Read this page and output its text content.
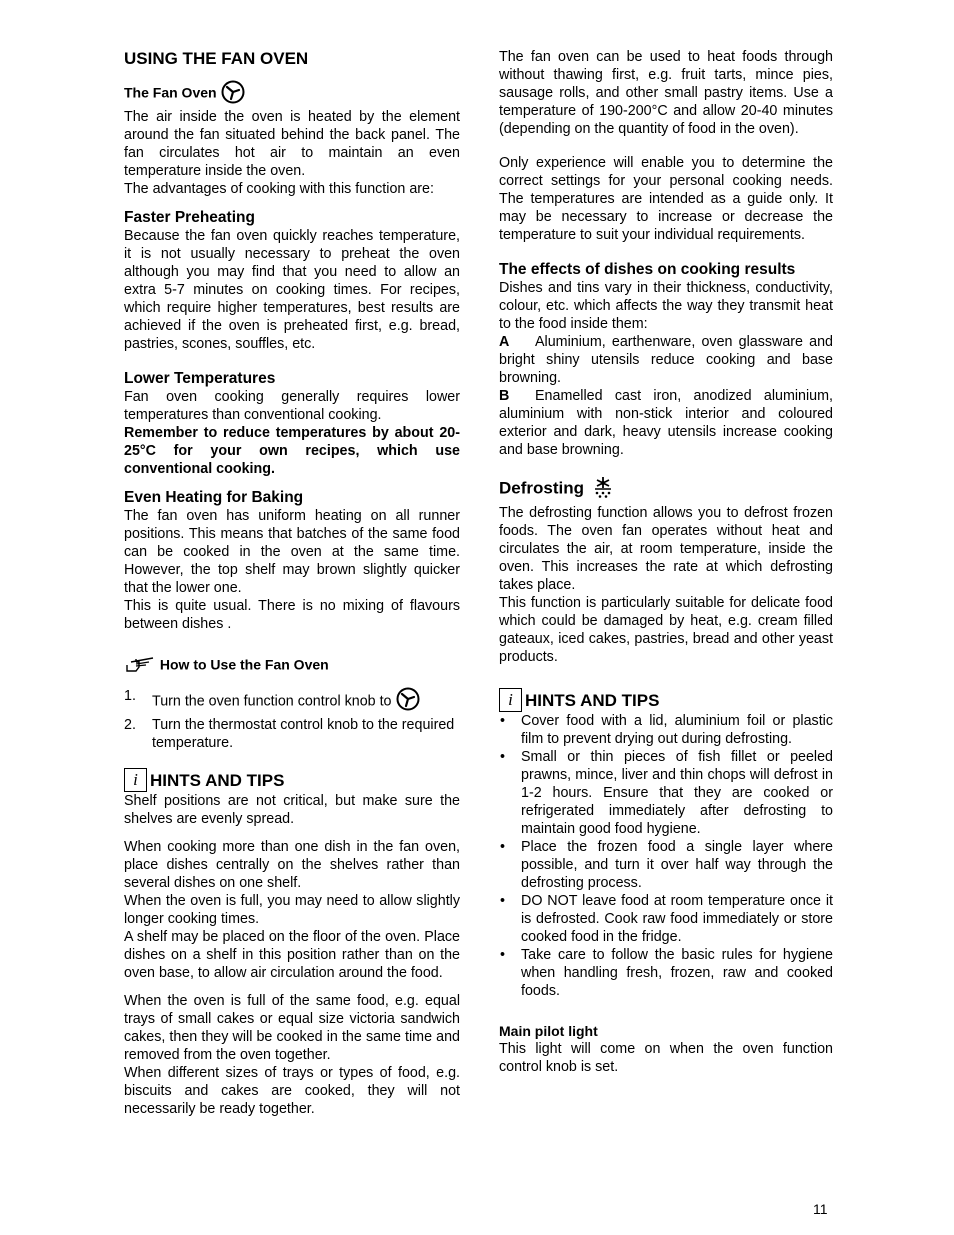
USING THE FAN OVEN
The Fan Oven

The air inside the oven is heated by the element around the fan situated behind the back panel. The fan circulates hot air to maintain an even temperature inside the oven.

The advantages of cooking with this function are:

Faster Preheating

Because the fan oven quickly reaches temperature, it is not usually necessary to preheat the oven although you may find that you need to allow an extra 5-7 minutes on cooking times. For recipes, which require higher temperatures, best results are achieved if the oven is preheated first, e.g. bread, pastries, scones, souffles, etc.

Lower Temperatures

Fan oven cooking generally requires lower temperatures than conventional cooking.

Remember to reduce temperatures by about 20- 25°C for your own recipes, which use conventional cooking.

Even Heating for Baking

The fan oven has uniform heating on all runner positions. This means that batches of the same food can be cooked in the oven at the same time. However, the top shelf may brown slightly quicker that the lower one.

This is quite usual. There is no mixing of flavours between dishes .

How to Use the Fan Oven
1. Turn the oven function control knob to
2. Turn the thermostat control knob to the required temperature.
i HINTS AND TIPS

Shelf positions are not critical, but make sure the shelves are evenly spread.

When cooking more than one dish in the fan oven, place dishes centrally on the shelves rather than several dishes on one shelf.

When the oven is full, you may need to allow slightly longer cooking times.

A shelf may be placed on the floor of the oven. Place dishes on a shelf in this position rather than on the oven base, to allow air circulation around the food.

When the oven is full of the same food, e.g. equal trays of small cakes or equal size victoria sandwich cakes, then they will be cooked in the same time and removed from the oven together.

When different sizes of trays or types of food, e.g. biscuits and cakes are cooked, they will not necessarily be ready together.

The fan oven can be used to heat foods through without thawing first, e.g. fruit tarts, mince pies, sausage rolls, and other small pastry items. Use a temperature of 190-200°C and allow 20-40 minutes (depending on the quantity of food in the oven).

Only experience will enable you to determine the correct settings for your personal cooking needs. The temperatures are intended as a guide only. It may be necessary to increase or decrease the temperature to suit your individual requirements.

The effects of dishes on cooking results

Dishes and tins vary in their thickness, conductivity, colour, etc. which affects the way they transmit heat to the food inside them:

A Aluminium, earthenware, oven glassware and bright shiny utensils reduce cooking and base browning.

B Enamelled cast iron, anodized aluminium, aluminium with non-stick interior and coloured exterior and dark, heavy utensils increase cooking and base browning.

Defrosting

The defrosting function allows you to defrost frozen foods. The oven fan operates without heat and circulates the air, at room temperature, inside the oven. This increases the rate at which defrosting takes place.

This function is particularly suitable for delicate food which could be damaged by heat, e.g. cream filled gateaux, iced cakes, pastries, bread and other yeast products.

i HINTS AND TIPS
• Cover food with a lid, aluminium foil or plastic film to prevent drying out during defrosting.
• Small or thin pieces of fish fillet or peeled prawns, mince, liver and thin chops will defrost in 1-2 hours. Ensure that they are cooked or refrigerated immediately after defrosting to maintain good food hygiene.
• Place the frozen food a single layer where possible, and turn it over half way through the defrosting process.
• DO NOT leave food at room temperature once it is defrosted. Cook raw food immediately or store cooked food in the fridge.
• Take care to follow the basic rules for hygiene when handling fresh, frozen, raw and cooked foods.
Main pilot light

This light will come on when the oven function control knob is set.

11
